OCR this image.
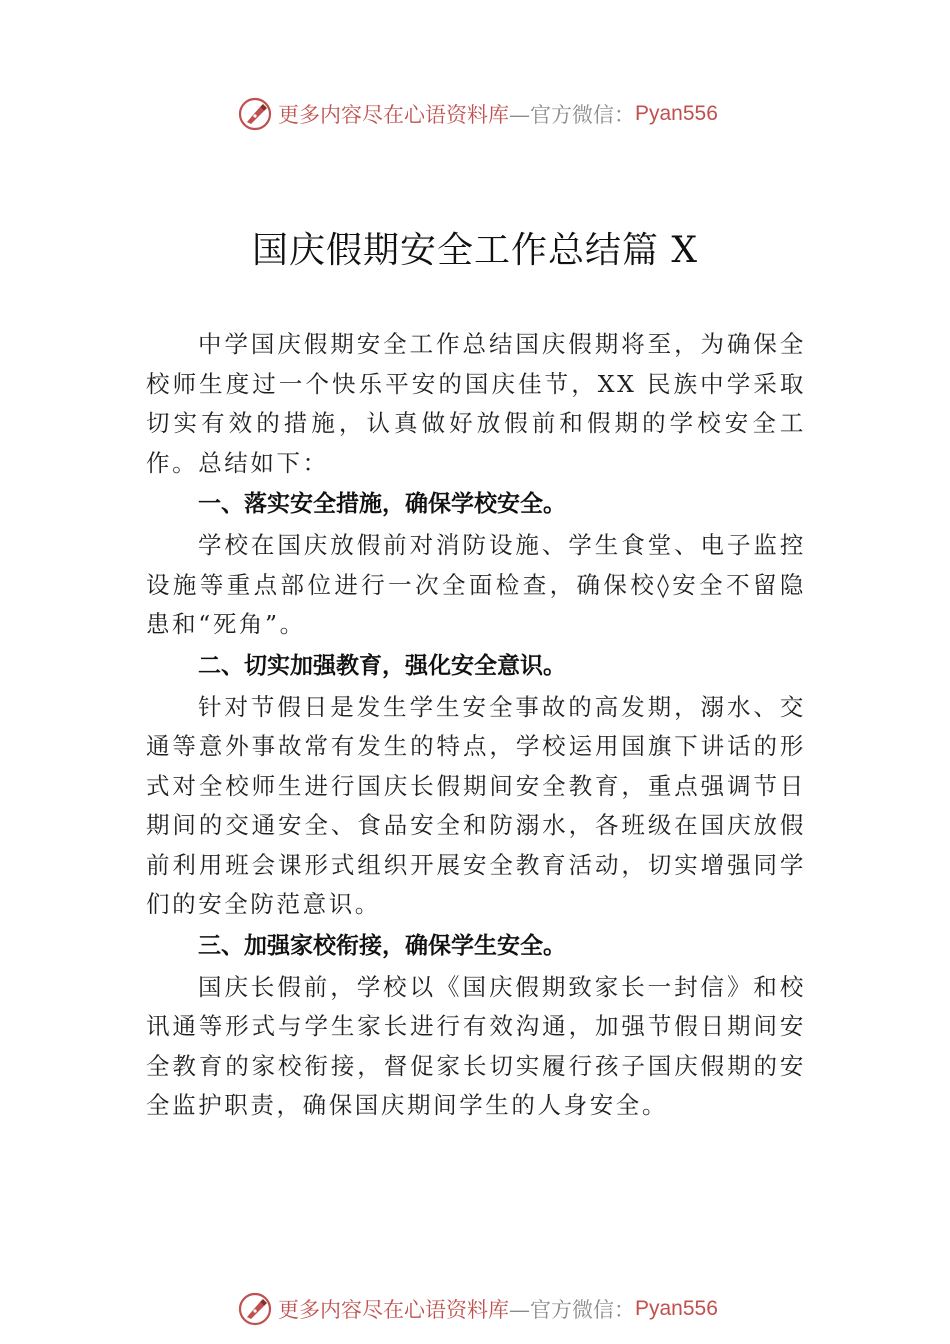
更多内容尽在心语资料库 —官方微信： Pyan556
国庆假期安全工作总结篇 X

中学国庆假期安全工作总结国庆假期将至，为确保全校师生度过一个快乐平安的国庆佳节，XX 民族中学采取切实有效的措施，认真做好放假前和假期的学校安全工作。总结如下：

一、落实安全措施，确保学校安全。

学校在国庆放假前对消防设施、学生食堂、电子监控设施等重点部位进行一次全面检查，确保校◊安全不留隐患和“死角”。

二、切实加强教育，强化安全意识。

针对节假日是发生学生安全事故的高发期，溺水、交通等意外事故常有发生的特点，学校运用国旗下讲话的形式对全校师生进行国庆长假期间安全教育，重点强调节日期间的交通安全、食品安全和防溺水，各班级在国庆放假前利用班会课形式组织开展安全教育活动，切实增强同学们的安全防范意识。

三、加强家校衔接，确保学生安全。

国庆长假前，学校以《国庆假期致家长一封信》和校讯通等形式与学生家长进行有效沟通，加强节假日期间安全教育的家校衔接，督促家长切实履行孩子国庆假期的安全监护职责，确保国庆期间学生的人身安全。

更多内容尽在心语资料库 —官方微信： Pyan556
